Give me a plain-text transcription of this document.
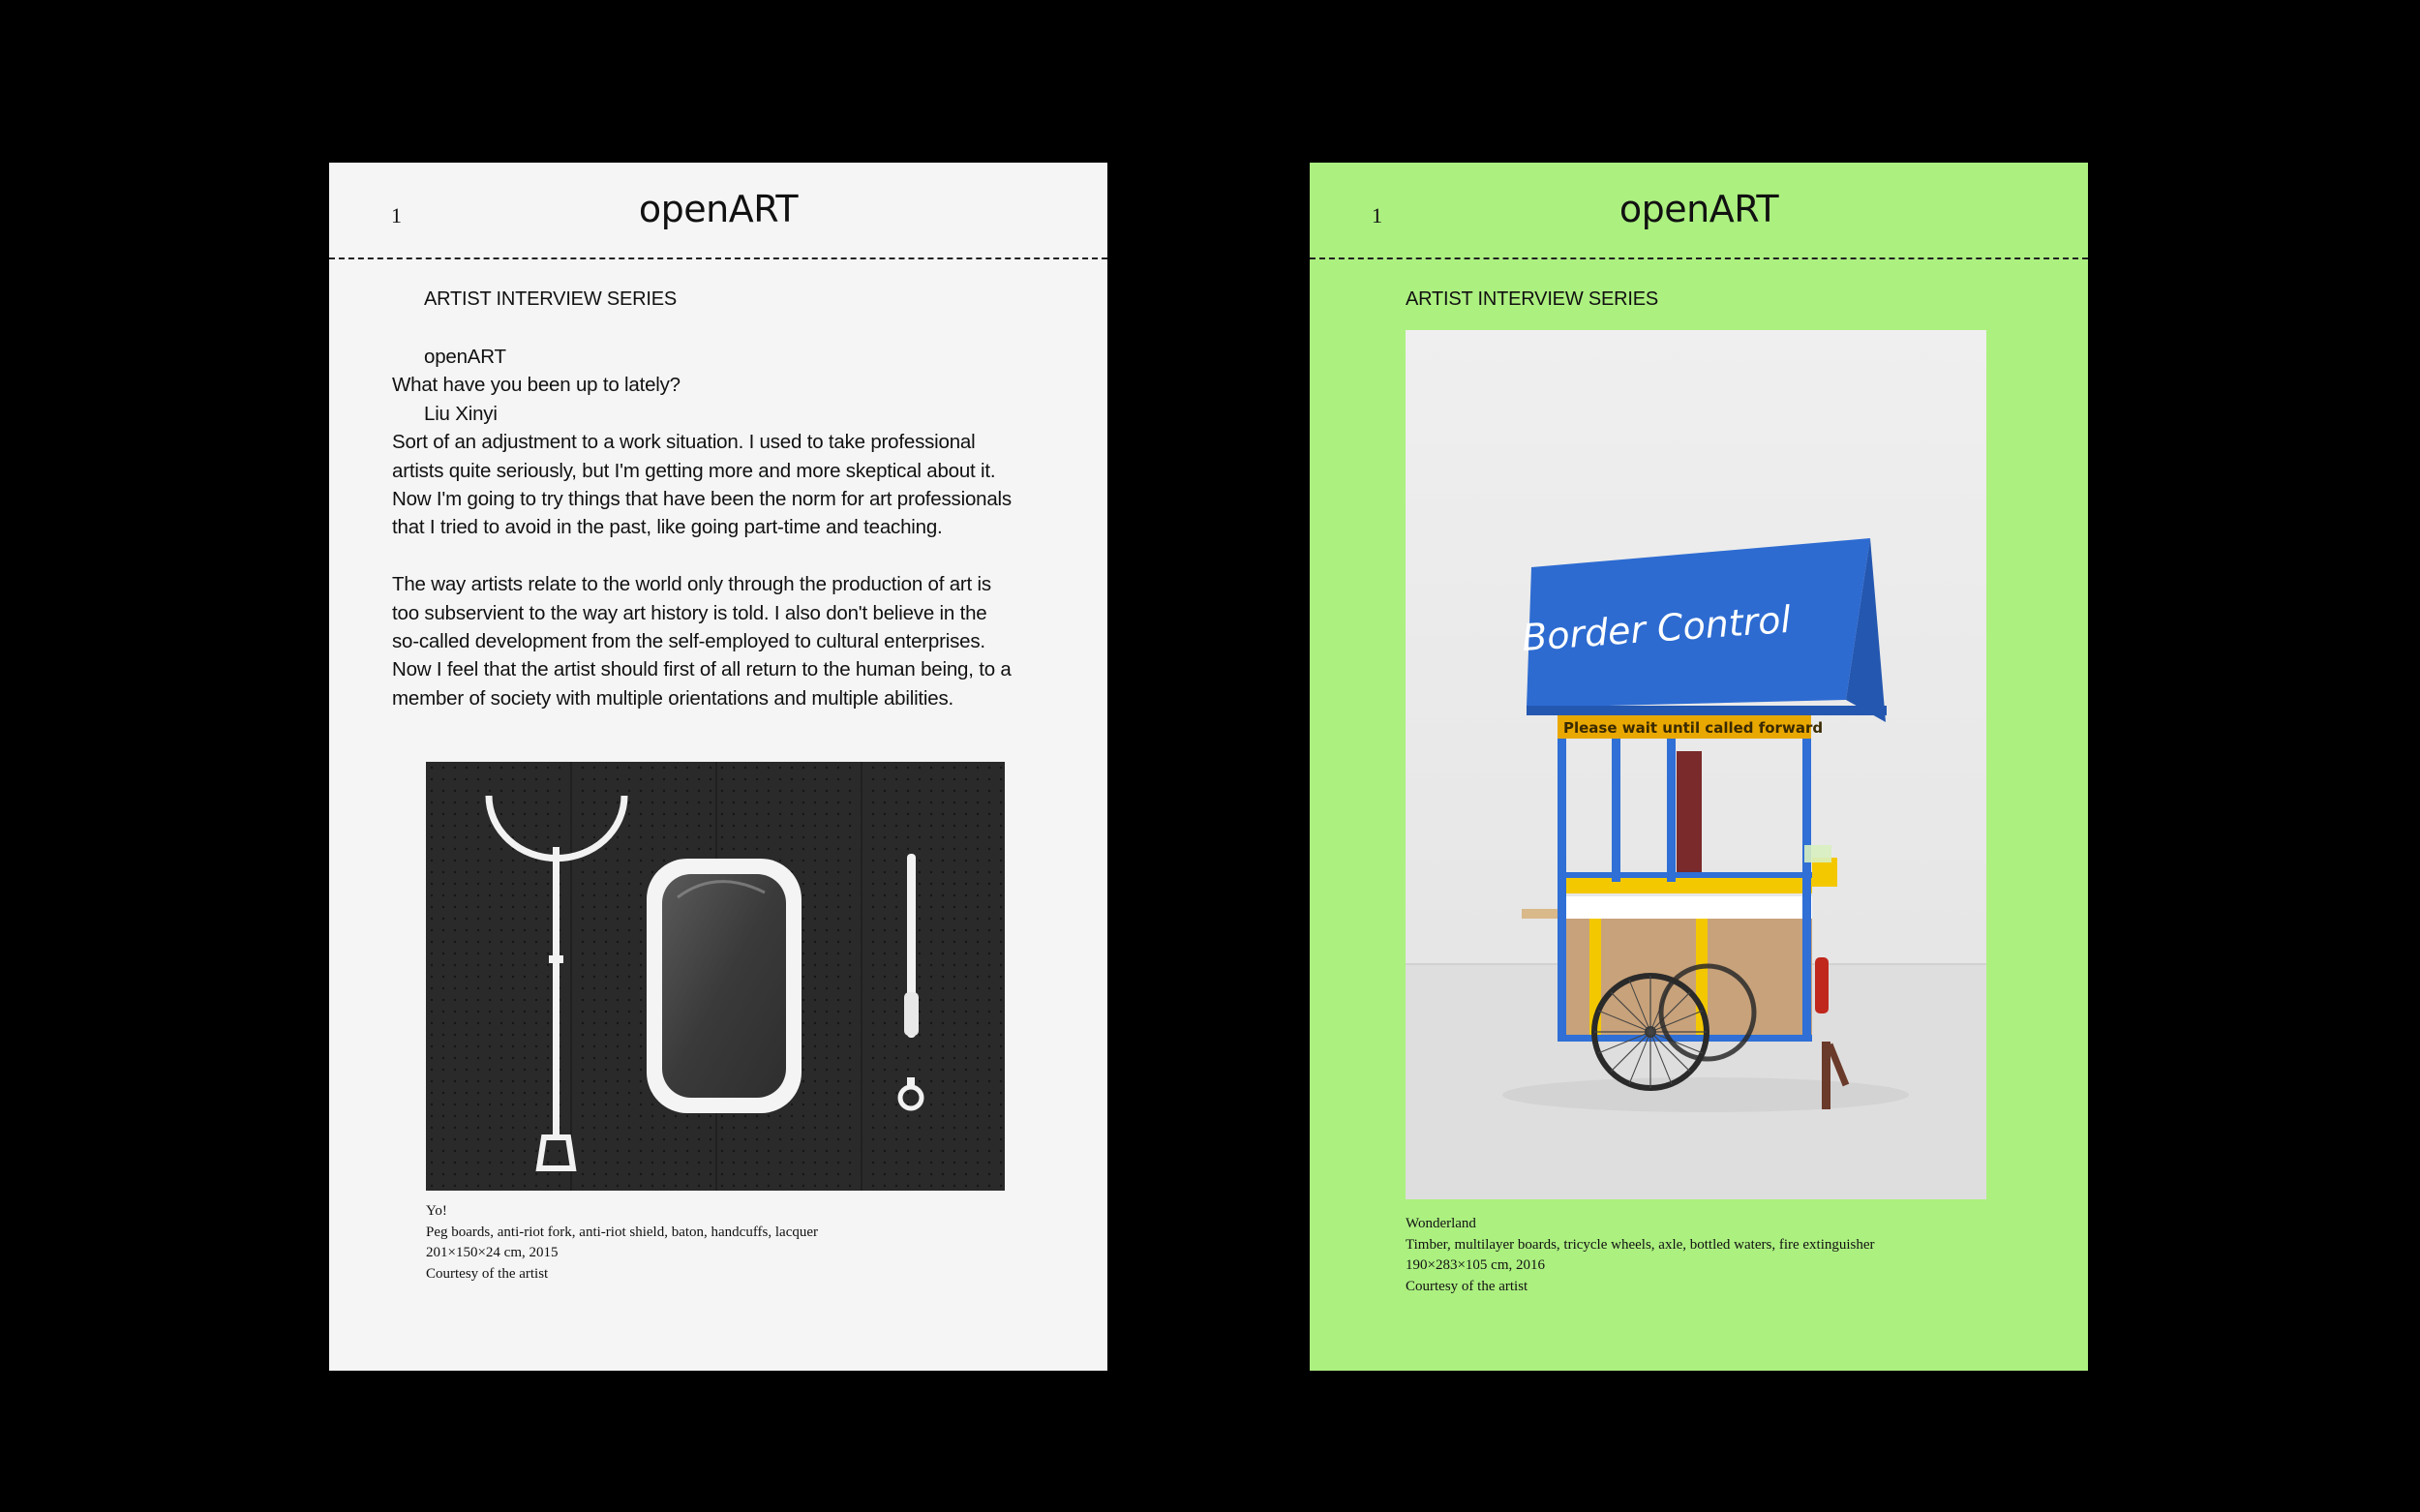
1	openART
ARTIST INTERVIEW SERIES

openART

What have you been up to lately?

Liu Xinyi

Sort of an adjustment to a work situation. I used to take professional

artists quite seriously, but I'm getting more and more skeptical about it.

Now I'm going to try things that have been the norm for art professionals

that I tried to avoid in the past, like going part-time and teaching.

The way artists relate to the world only through the production of art is

too subservient to the way art history is told. I also don't believe in the

so-called development from the self-employed to cultural enterprises.

Now I feel that the artist should first of all return to the human being, to a

member of society with multiple orientations and multiple abilities.

Yo!
Peg boards, anti-riot fork, anti-riot shield, baton, handcuffs, lacquer
201×150×24 cm, 2015
Courtesy of the artist
1	openART
ARTIST INTERVIEW SERIES
Please wait until called forward
Border Control
Wonderland
Timber, multilayer boards, tricycle wheels, axle, bottled waters, fire extinguisher
190×283×105 cm, 2016
Courtesy of the artist
